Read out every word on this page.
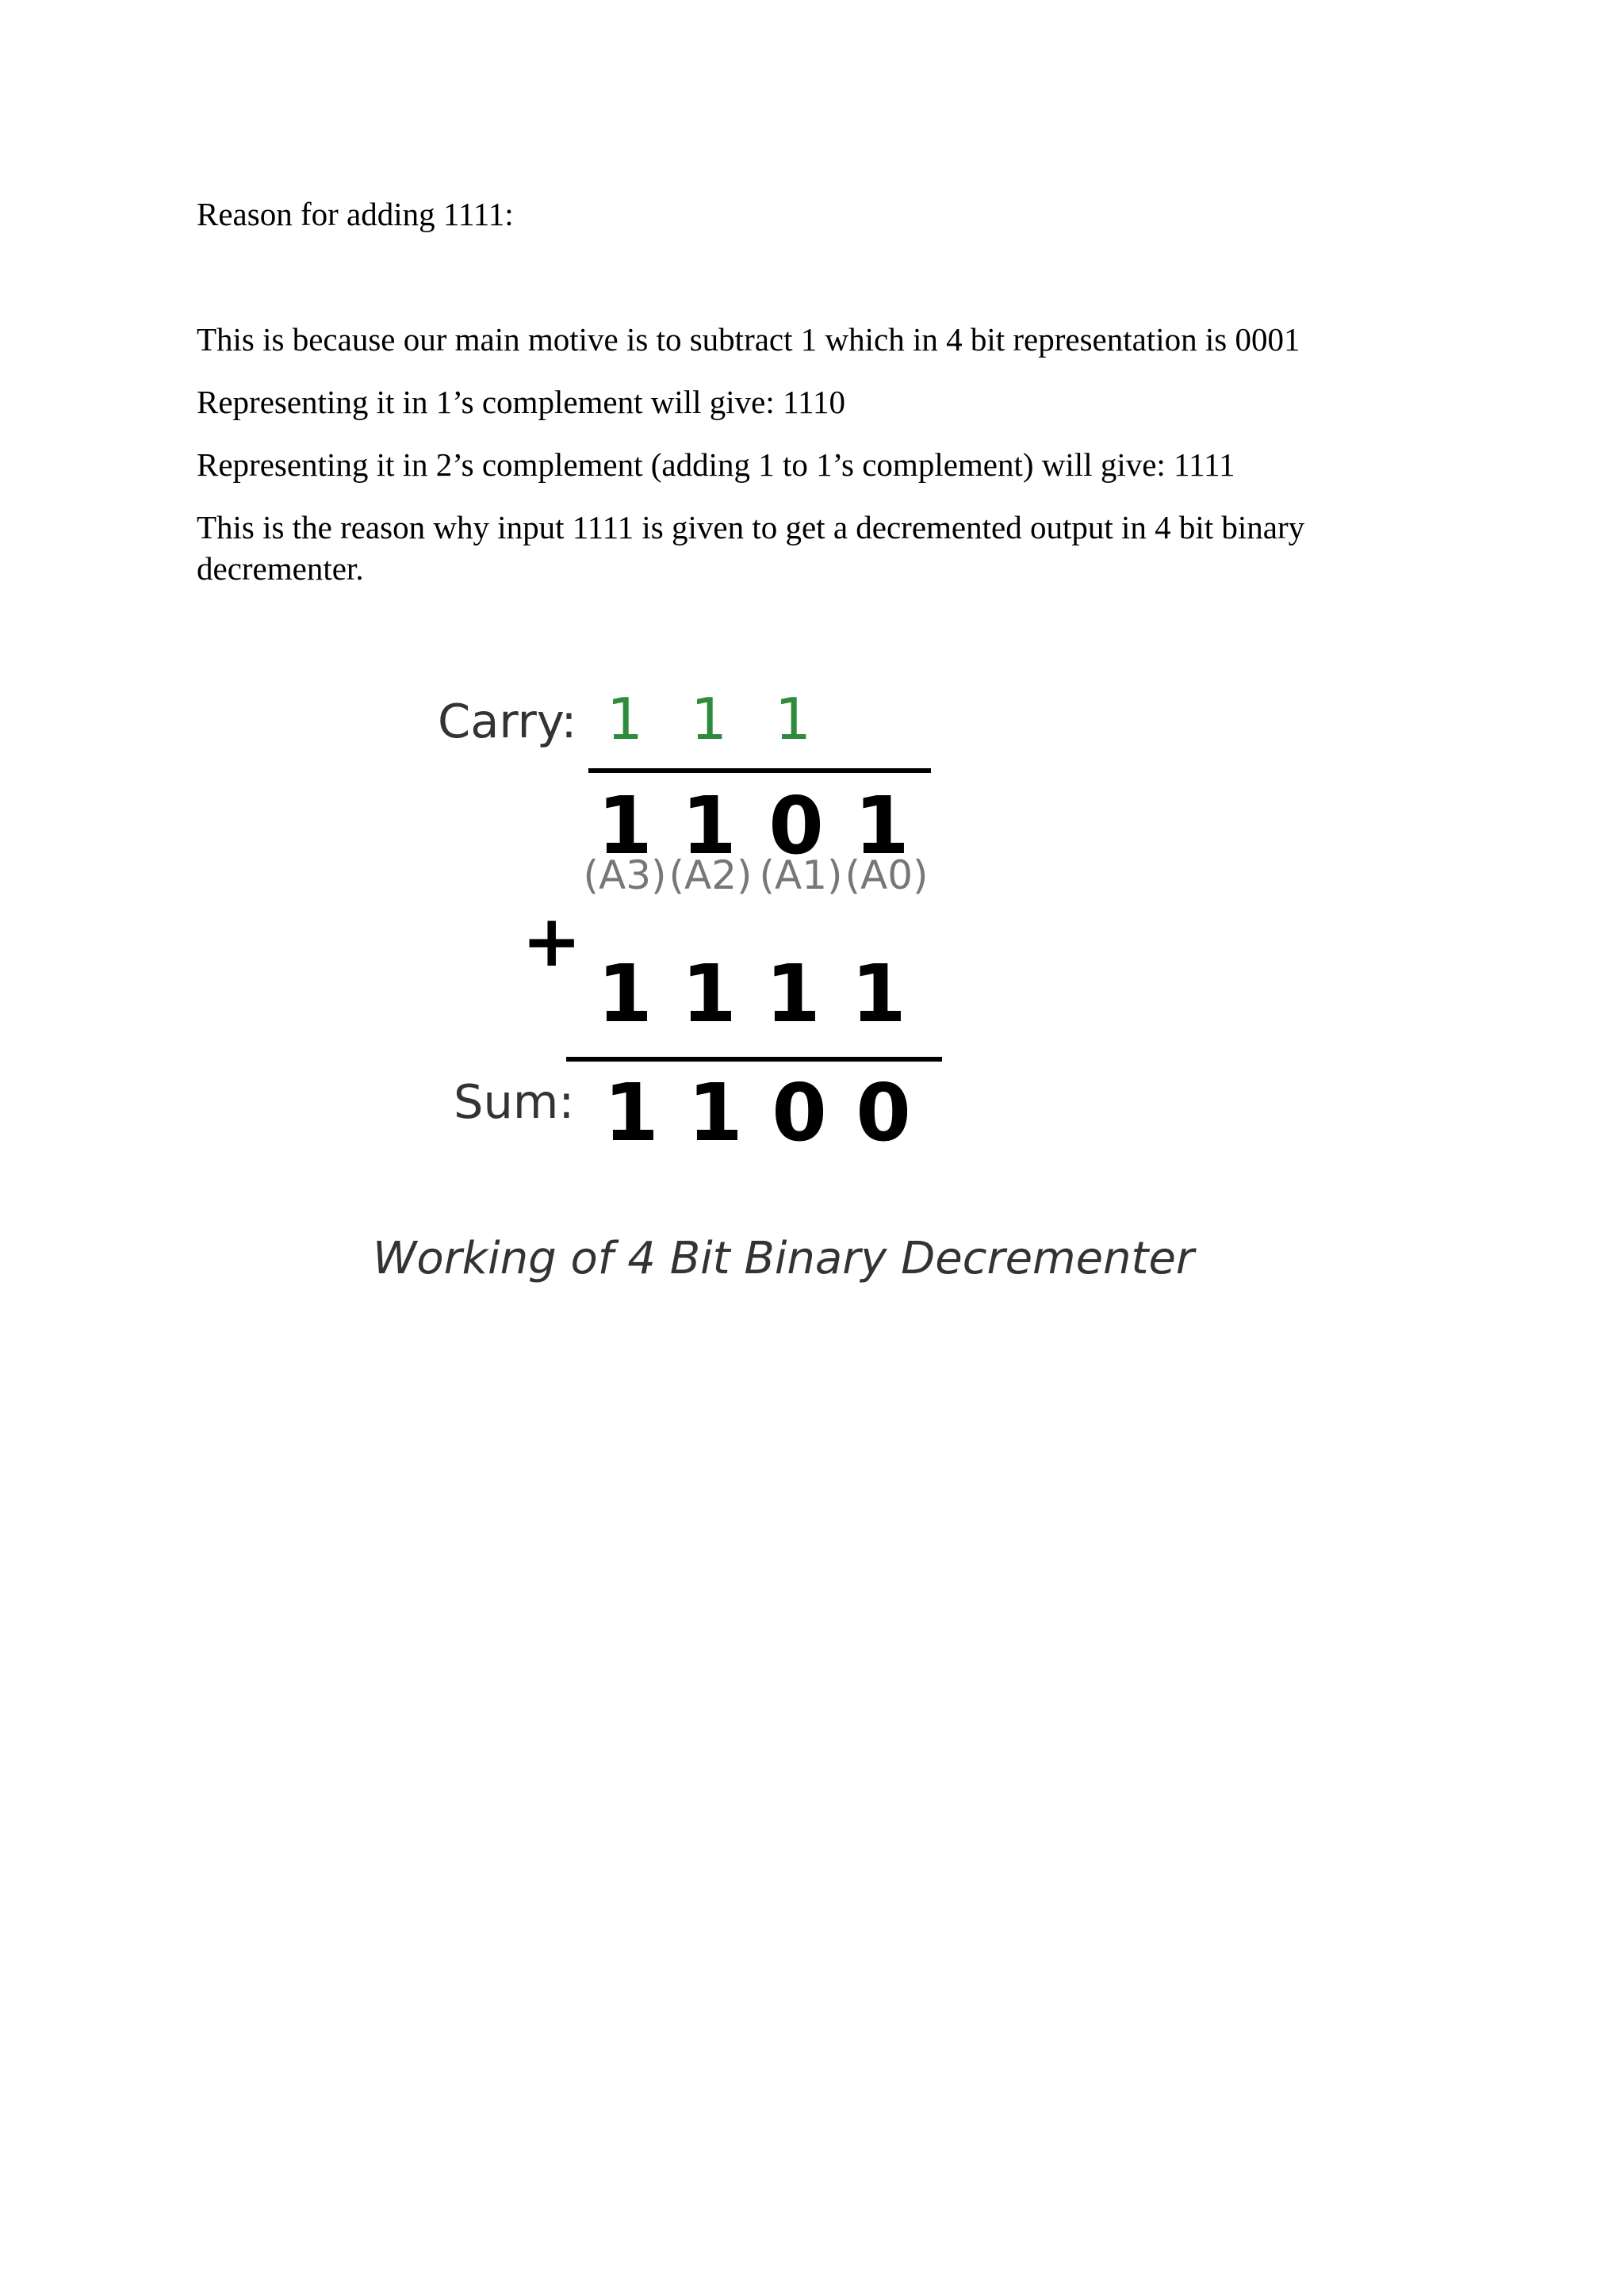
Reason for adding 1111:
This is because our main motive is to subtract 1 which in 4 bit representation is 0001
Representing it in 1’s complement will give: 1110
Representing it in 2’s complement (adding 1 to 1’s complement) will give: 1111
This is the reason why input 1111 is given to get a decremented output in 4 bit binary decrementer.
Carry: 1 1 1
1 1 0 1
(A3) (A2) (A1) (A0)
+
1 1 1 1
Sum: 1 1 0 0
Working of 4 Bit Binary Decrementer
